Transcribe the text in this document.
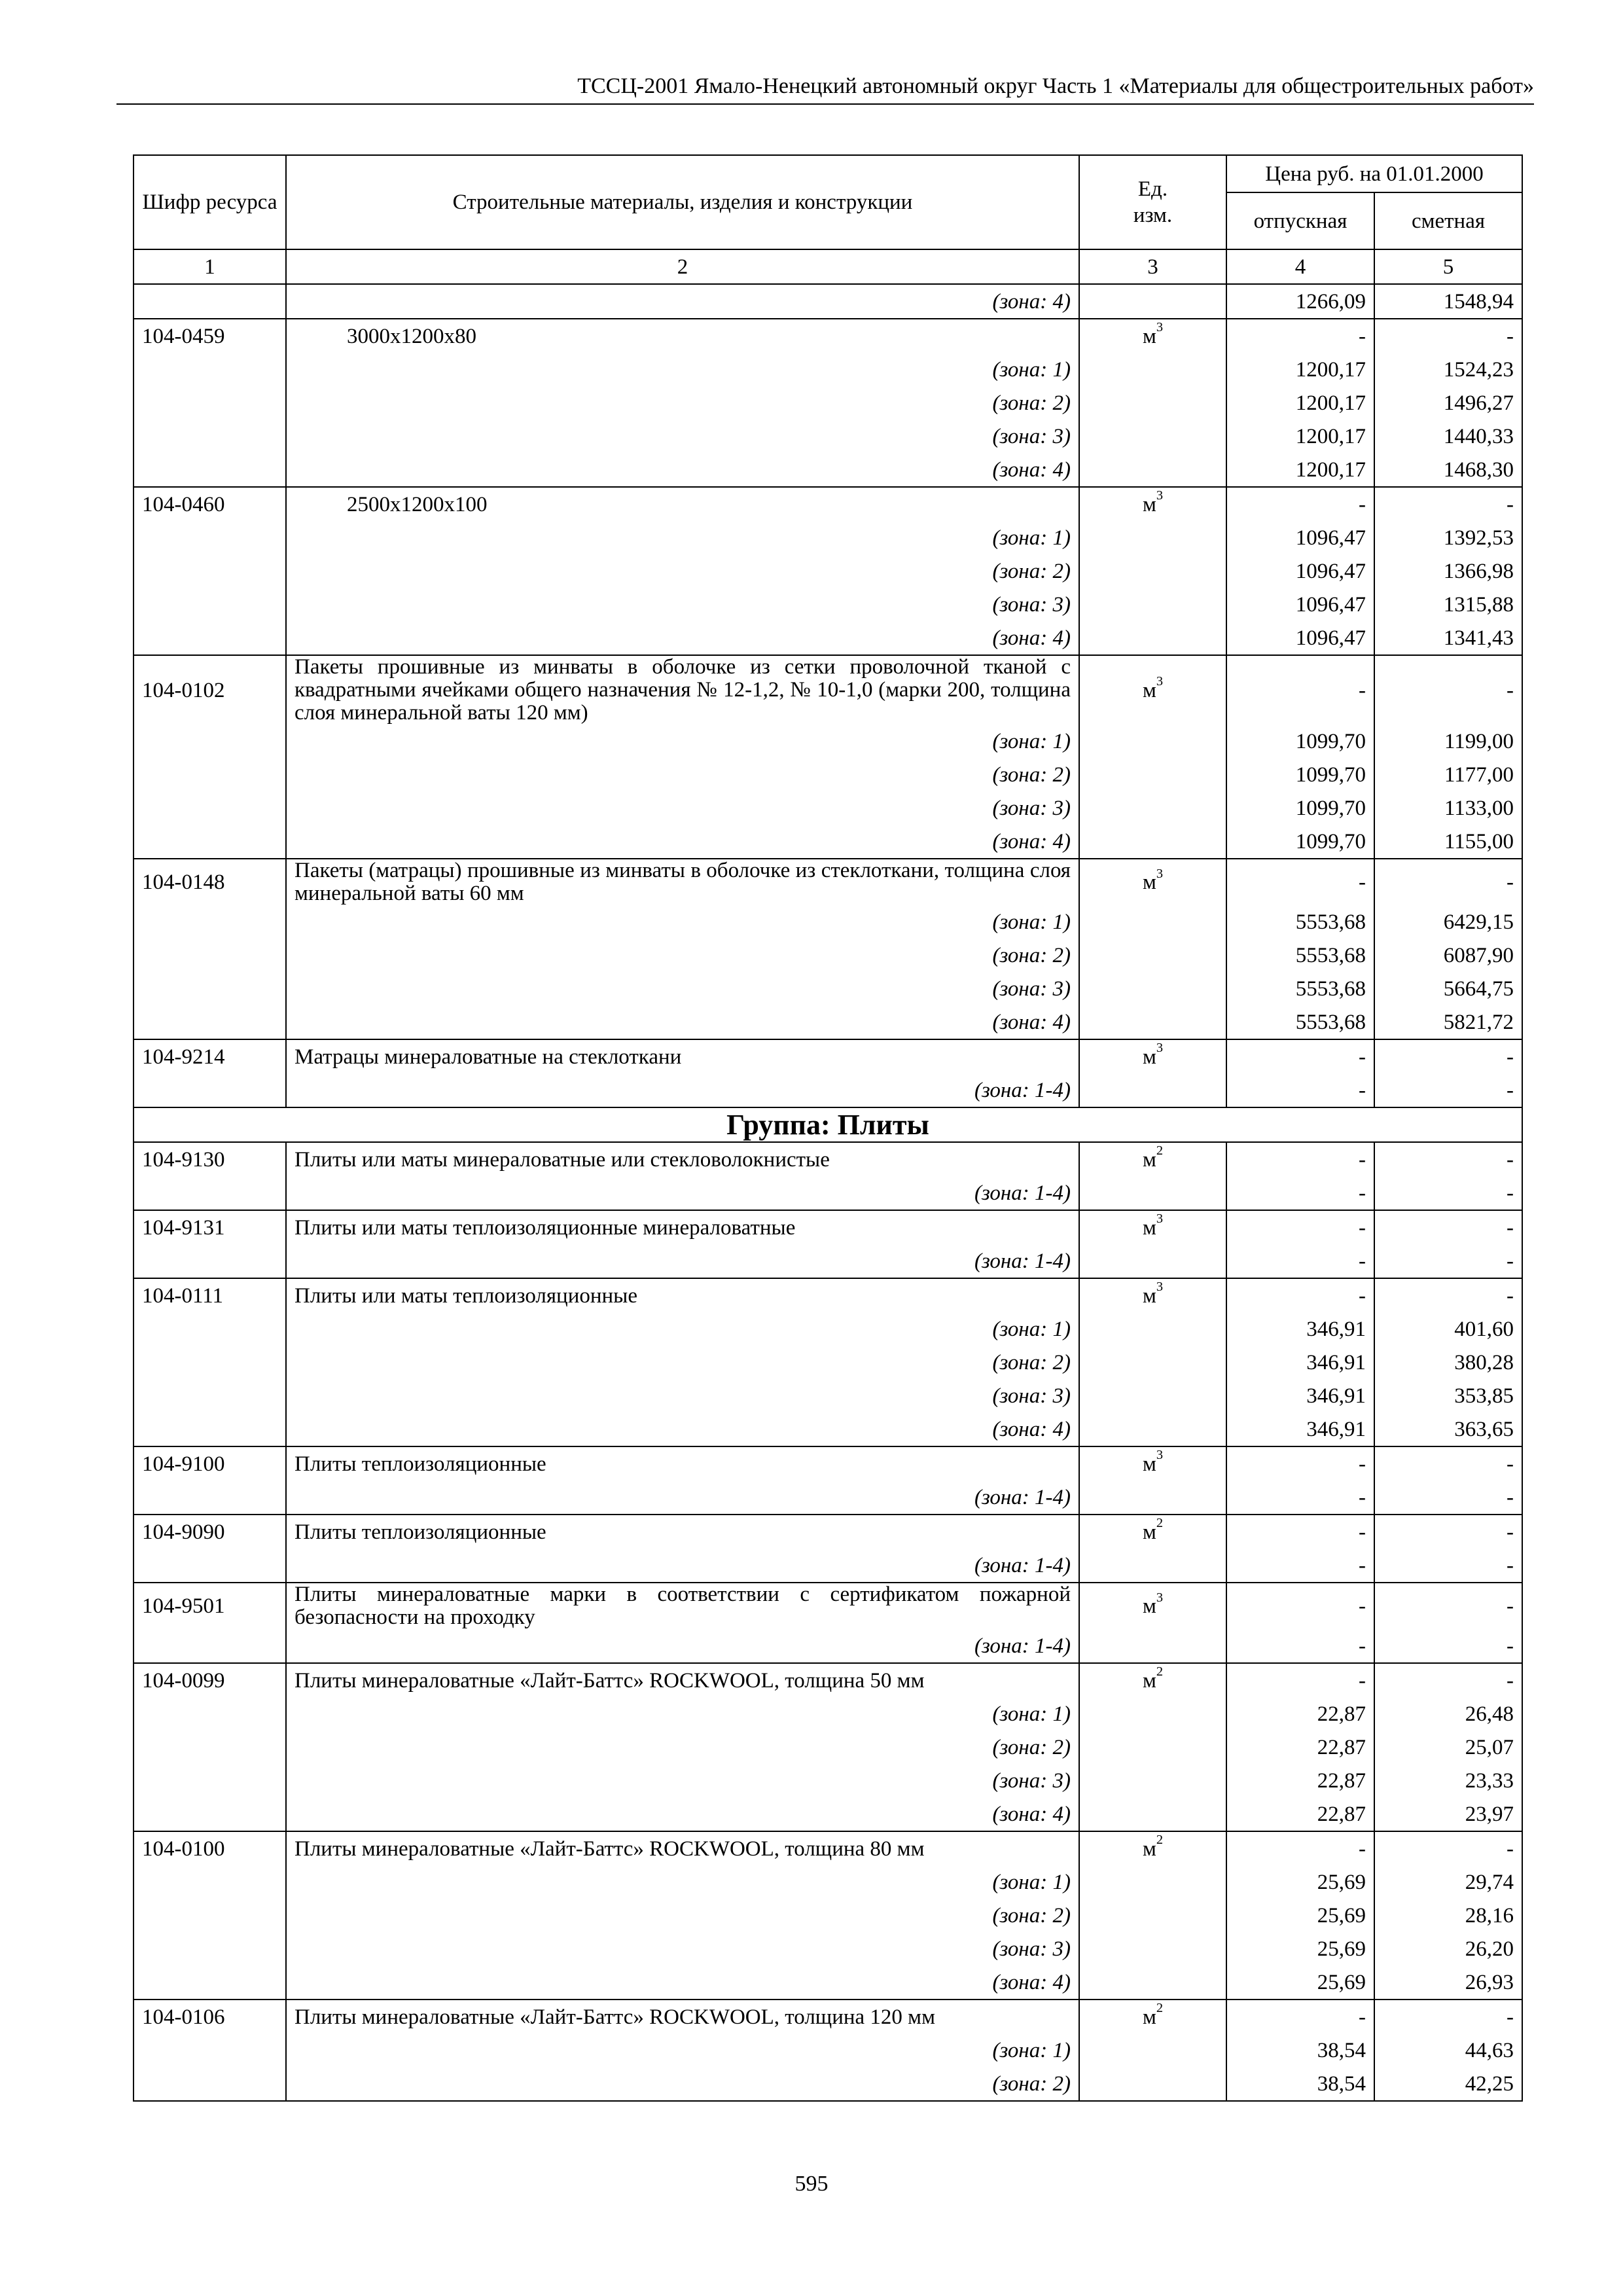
ТССЦ-2001 Ямало-Ненецкий автономный округ Часть 1 «Материалы для общестроительных работ»
Шифр ресурса	Строительные материалы, изделия и конструкции	Ед. изм.	Цена руб. на 01.01.2000	
			отпускная	сметная
1	2	3	4	5
	(зона: 4)		1266,09	1548,94
104-0459	3000х1200х80	$м^3$	-	-
	(зона: 1)		1200,17	1524,23
	(зона: 2)		1200,17	1496,27
	(зона: 3)		1200,17	1440,33
	(зона: 4)		1200,17	1468,30
104-0460	2500х1200х100	$м^3$	-	-
	(зона: 1)		1096,47	1392,53
	(зона: 2)		1096,47	1366,98
	(зона: 3)		1096,47	1315,88
	(зона: 4)		1096,47	1341,43
104-0102	Пакеты прошивные из минваты в оболочке из сетки проволочной тканой с квадратными ячейками общего назначения № 12-1,2, № 10-1,0 (марки 200, толщина слоя минеральной ваты 120 мм)	$м^3$	-	-
	(зона: 1)		1099,70	1199,00
	(зона: 2)		1099,70	1177,00
	(зона: 3)		1099,70	1133,00
	(зона: 4)		1099,70	1155,00
104-0148	Пакеты (матрацы) прошивные из минваты в оболочке из стеклоткани, толщина слоя минеральной ваты 60 мм	$м^3$	-	-
	(зона: 1)		5553,68	6429,15
	(зона: 2)		5553,68	6087,90
	(зона: 3)		5553,68	5664,75
	(зона: 4)		5553,68	5821,72
104-9214	Матрацы минераловатные на стеклоткани	$м^3$	-	-
	(зона: 1-4)		-	-
Группа: Плиты				
104-9130	Плиты или маты минераловатные или стекловолокнистые	$м^2$	-	-
	(зона: 1-4)		-	-
104-9131	Плиты или маты теплоизоляционные минераловатные	$м^3$	-	-
	(зона: 1-4)		-	-
104-0111	Плиты или маты теплоизоляционные	$м^3$	-	-
	(зона: 1)		346,91	401,60
	(зона: 2)		346,91	380,28
	(зона: 3)		346,91	353,85
	(зона: 4)		346,91	363,65
104-9100	Плиты теплоизоляционные	$м^3$	-	-
	(зона: 1-4)		-	-
104-9090	Плиты теплоизоляционные	$м^2$	-	-
	(зона: 1-4)		-	-
104-9501	Плиты минераловатные марки в соответствии с сертификатом пожарной безопасности на проходку	$м^3$	-	-
	(зона: 1-4)		-	-
104-0099	Плиты минераловатные «Лайт-Баттс» ROCKWOOL, толщина 50 мм	$м^2$	-	-
	(зона: 1)		22,87	26,48
	(зона: 2)		22,87	25,07
	(зона: 3)		22,87	23,33
	(зона: 4)		22,87	23,97
104-0100	Плиты минераловатные «Лайт-Баттс» ROCKWOOL, толщина 80 мм	$м^2$	-	-
	(зона: 1)		25,69	29,74
	(зона: 2)		25,69	28,16
	(зона: 3)		25,69	26,20
	(зона: 4)		25,69	26,93
104-0106	Плиты минераловатные «Лайт-Баттс» ROCKWOOL, толщина 120 мм	$м^2$	-	-
	(зона: 1)		38,54	44,63
	(зона: 2)		38,54	42,25
595
